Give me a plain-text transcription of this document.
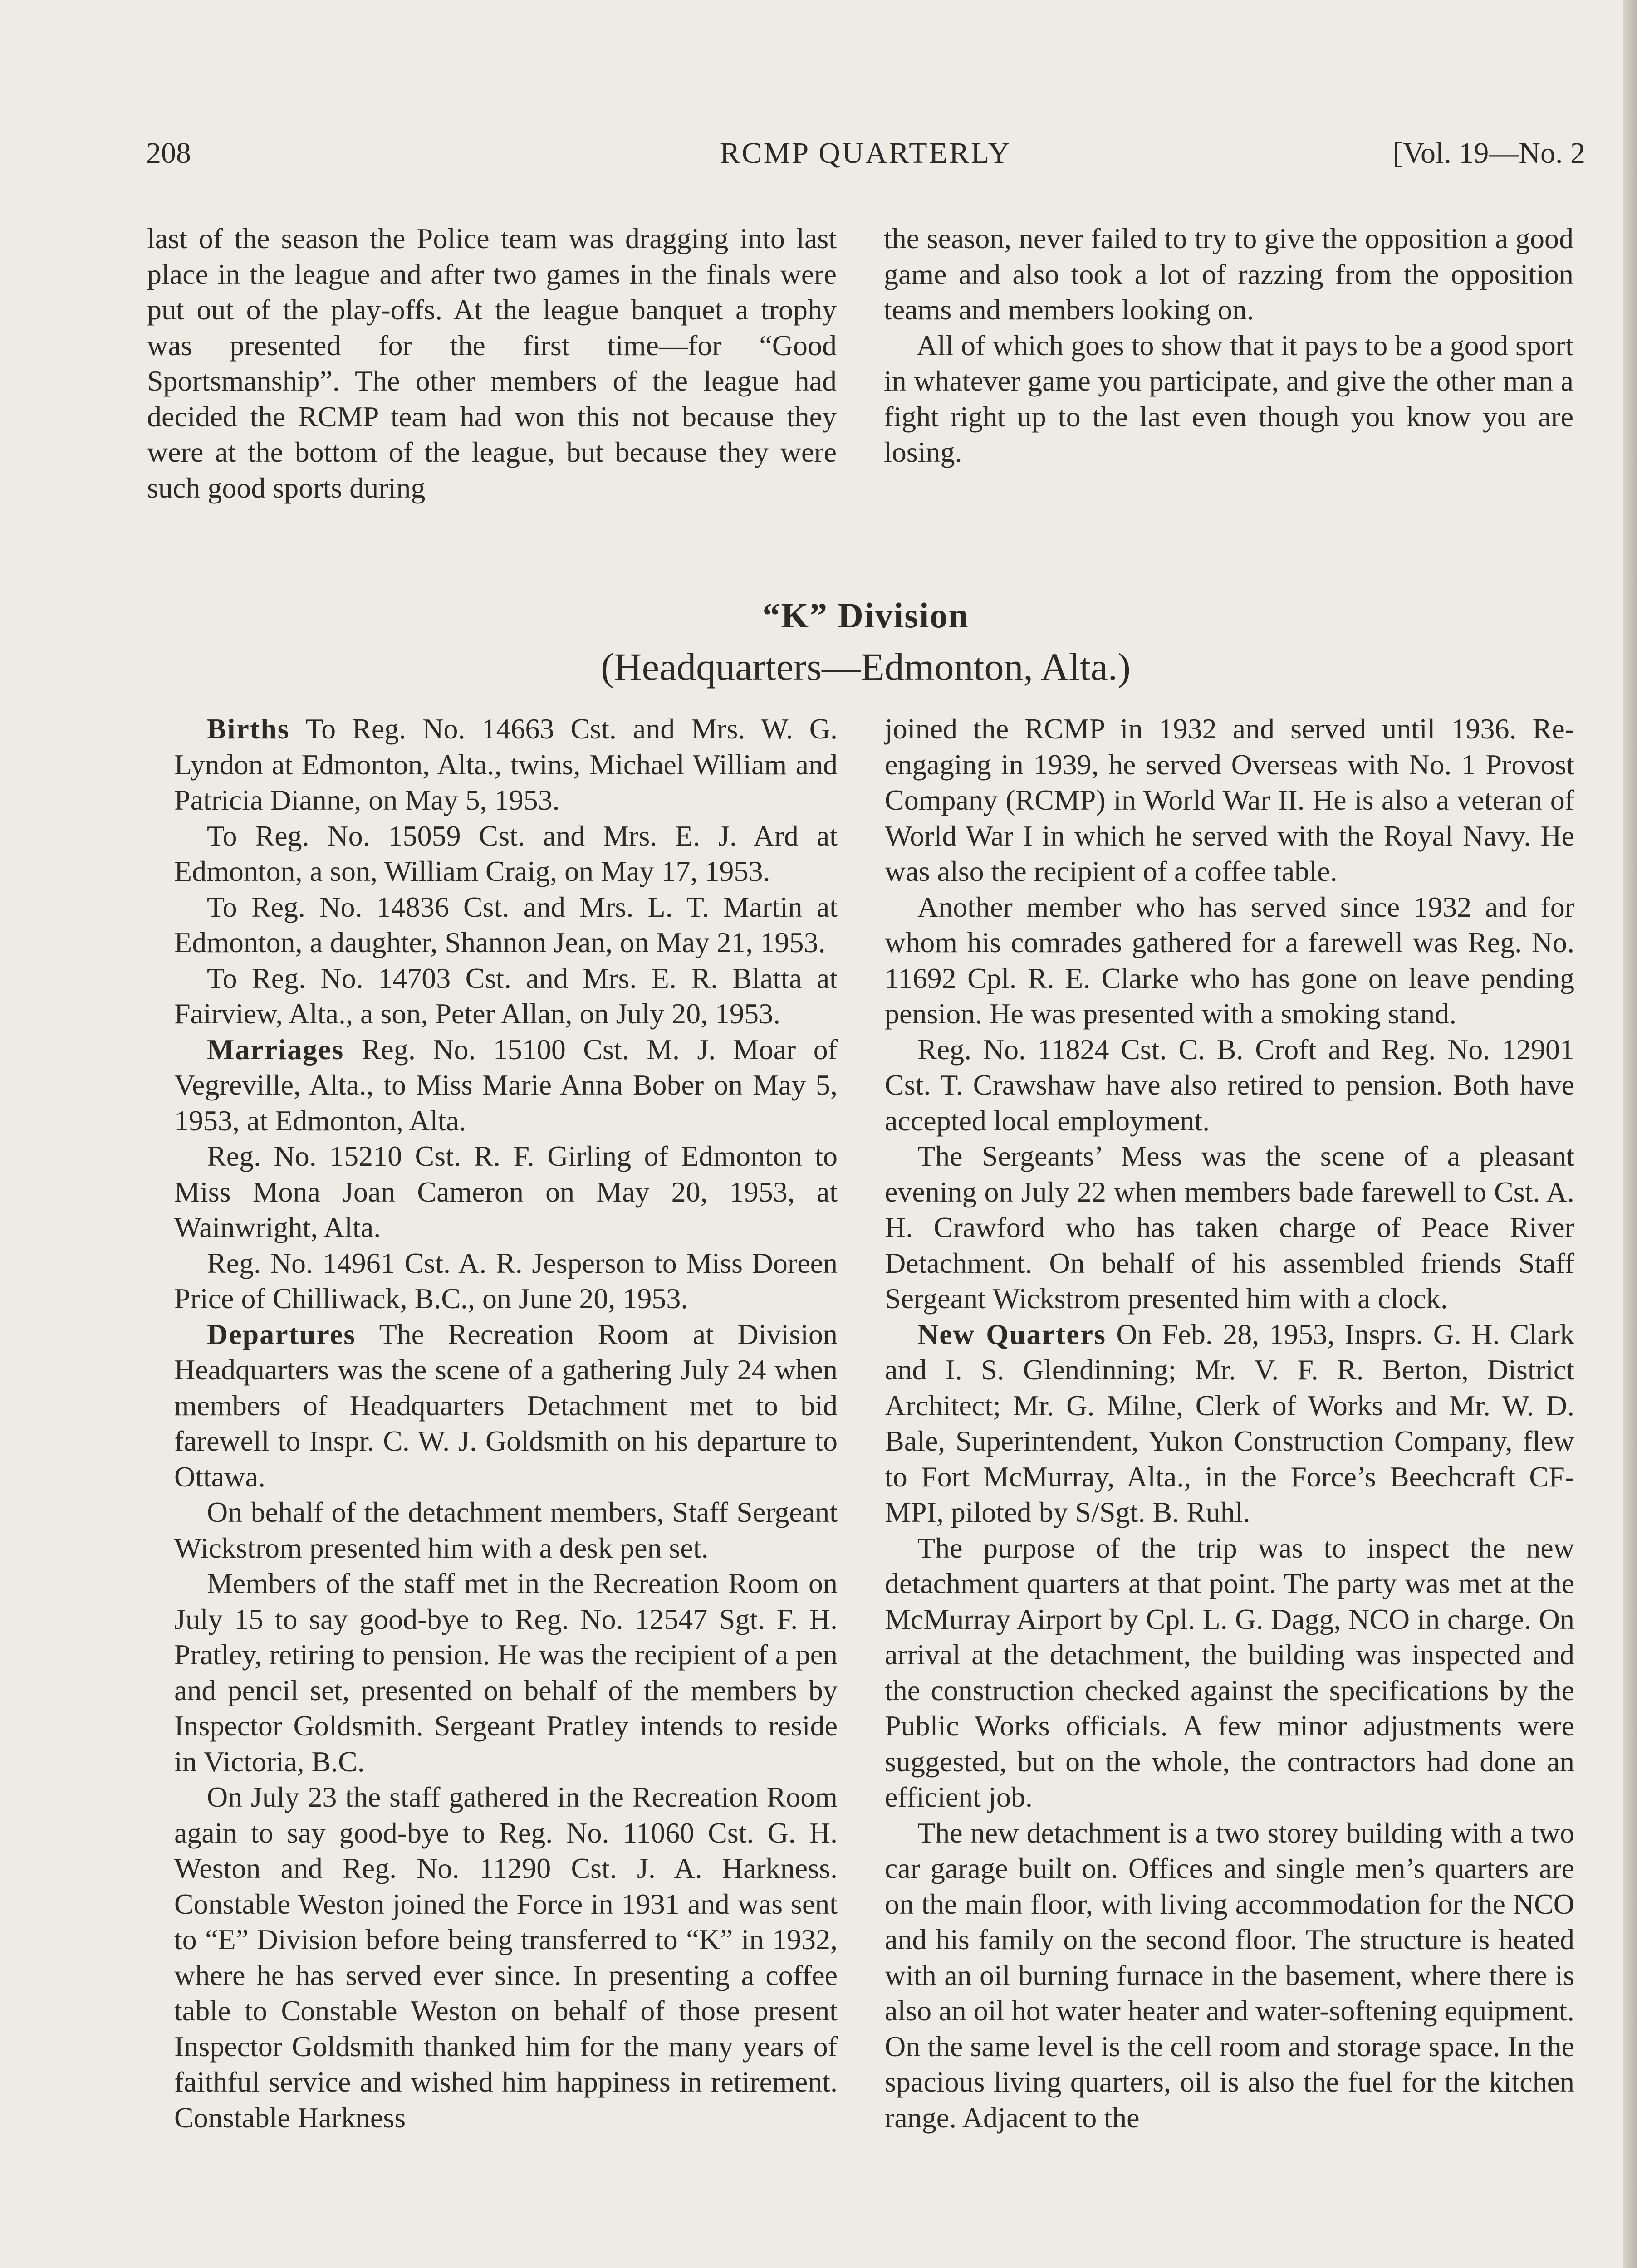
208	RCMP QUARTERLY	[Vol. 19—No. 2

last of the season the Police team was dragging into last place in the league and after two games in the finals were put out of the play-offs. At the league banquet a trophy was presented for the first time—for “Good Sportsmanship”. The other members of the league had decided the RCMP team had won this not because they were at the bottom of the league, but because they were such good sports during

the season, never failed to try to give the opposition a good game and also took a lot of razzing from the opposition teams and members looking on.

All of which goes to show that it pays to be a good sport in whatever game you participate, and give the other man a fight right up to the last even though you know you are losing.

“K” Division
(Headquarters—Edmonton, Alta.)

Births To Reg. No. 14663 Cst. and Mrs. W. G. Lyndon at Edmonton, Alta., twins, Michael William and Patricia Dianne, on May 5, 1953.

To Reg. No. 15059 Cst. and Mrs. E. J. Ard at Edmonton, a son, William Craig, on May 17, 1953.

To Reg. No. 14836 Cst. and Mrs. L. T. Martin at Edmonton, a daughter, Shannon Jean, on May 21, 1953.

To Reg. No. 14703 Cst. and Mrs. E. R. Blatta at Fairview, Alta., a son, Peter Allan, on July 20, 1953.

Marriages Reg. No. 15100 Cst. M. J. Moar of Vegreville, Alta., to Miss Marie Anna Bober on May 5, 1953, at Edmonton, Alta.

Reg. No. 15210 Cst. R. F. Girling of Edmonton to Miss Mona Joan Cameron on May 20, 1953, at Wainwright, Alta.

Reg. No. 14961 Cst. A. R. Jesperson to Miss Doreen Price of Chilliwack, B.C., on June 20, 1953.

Departures The Recreation Room at Division Headquarters was the scene of a gathering July 24 when members of Headquarters Detachment met to bid farewell to Inspr. C. W. J. Goldsmith on his departure to Ottawa.

On behalf of the detachment members, Staff Sergeant Wickstrom presented him with a desk pen set.

Members of the staff met in the Recreation Room on July 15 to say good-bye to Reg. No. 12547 Sgt. F. H. Pratley, retiring to pension. He was the recipient of a pen and pencil set, presented on behalf of the members by Inspector Goldsmith. Sergeant Pratley intends to reside in Victoria, B.C.

On July 23 the staff gathered in the Recreation Room again to say good-bye to Reg. No. 11060 Cst. G. H. Weston and Reg. No. 11290 Cst. J. A. Harkness. Constable Weston joined the Force in 1931 and was sent to “E” Division before being transferred to “K” in 1932, where he has served ever since. In presenting a coffee table to Constable Weston on behalf of those present Inspector Goldsmith thanked him for the many years of faithful service and wished him happiness in retirement. Constable Harkness

joined the RCMP in 1932 and served until 1936. Re-engaging in 1939, he served Overseas with No. 1 Provost Company (RCMP) in World War II. He is also a veteran of World War I in which he served with the Royal Navy. He was also the recipient of a coffee table.

Another member who has served since 1932 and for whom his comrades gathered for a farewell was Reg. No. 11692 Cpl. R. E. Clarke who has gone on leave pending pension. He was presented with a smoking stand.

Reg. No. 11824 Cst. C. B. Croft and Reg. No. 12901 Cst. T. Crawshaw have also retired to pension. Both have accepted local employment.

The Sergeants’ Mess was the scene of a pleasant evening on July 22 when members bade farewell to Cst. A. H. Crawford who has taken charge of Peace River Detachment. On behalf of his assembled friends Staff Sergeant Wickstrom presented him with a clock.

New Quarters On Feb. 28, 1953, Insprs. G. H. Clark and I. S. Glendinning; Mr. V. F. R. Berton, District Architect; Mr. G. Milne, Clerk of Works and Mr. W. D. Bale, Superintendent, Yukon Construction Company, flew to Fort McMurray, Alta., in the Force’s Beechcraft CF-MPI, piloted by S/Sgt. B. Ruhl.

The purpose of the trip was to inspect the new detachment quarters at that point. The party was met at the McMurray Airport by Cpl. L. G. Dagg, NCO in charge. On arrival at the detachment, the building was inspected and the construction checked against the specifications by the Public Works officials. A few minor adjustments were suggested, but on the whole, the contractors had done an efficient job.

The new detachment is a two storey building with a two car garage built on. Offices and single men’s quarters are on the main floor, with living accommodation for the NCO and his family on the second floor. The structure is heated with an oil burning furnace in the basement, where there is also an oil hot water heater and water-softening equipment. On the same level is the cell room and storage space. In the spacious living quarters, oil is also the fuel for the kitchen range. Adjacent to the
